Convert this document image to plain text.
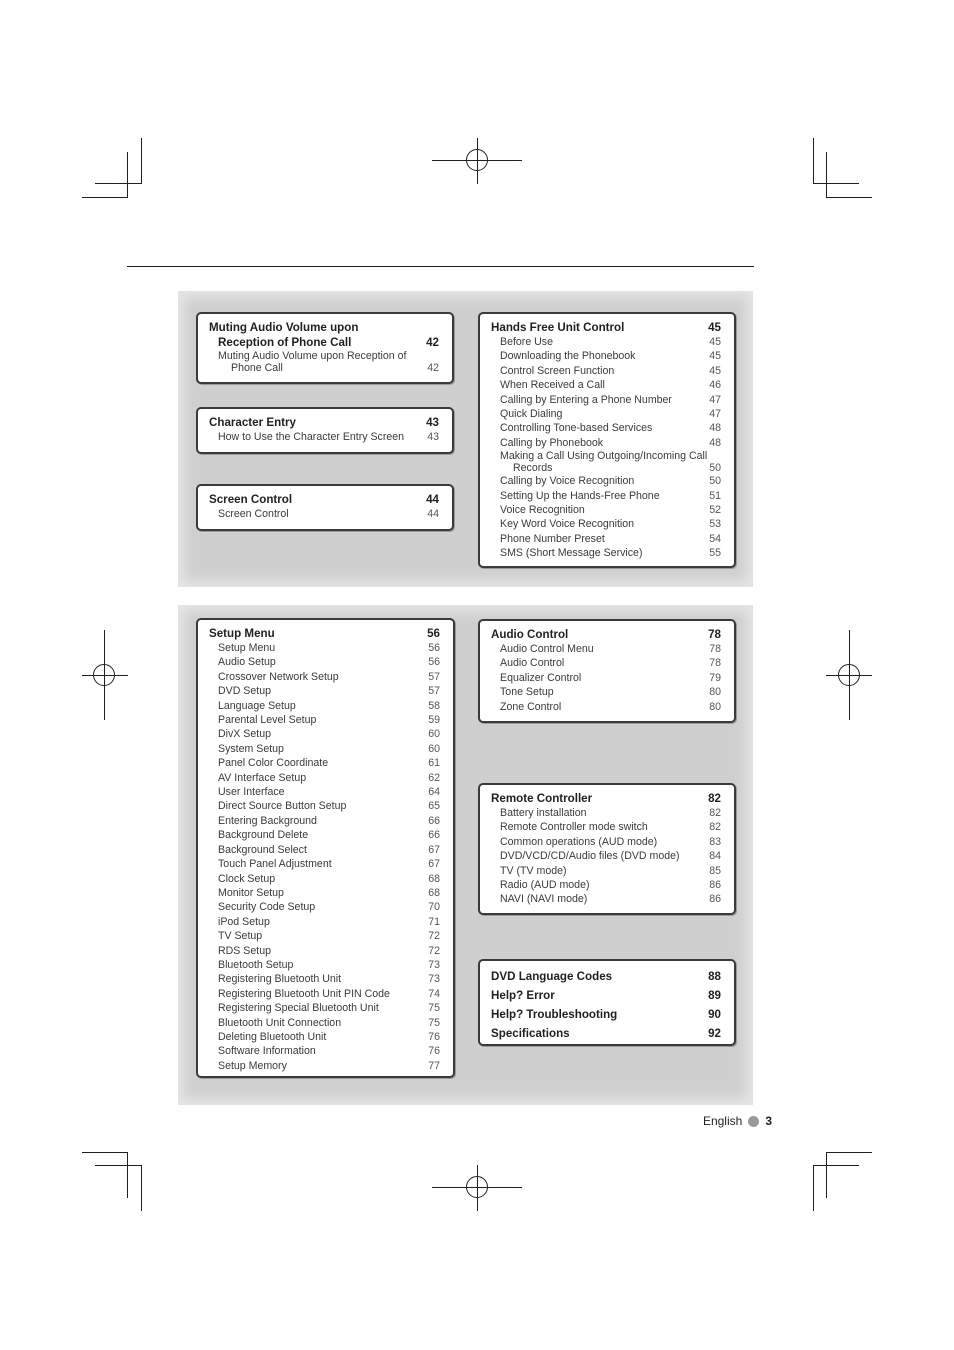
Muting Audio Volume upon
Reception of Phone Call	42
Muting Audio Volume upon Reception of
Phone Call	42
Character Entry	43
How to Use the Character Entry Screen	43
Screen Control	44
Screen Control	44
Hands Free Unit Control	45
Before Use	45
Downloading the Phonebook	45
Control Screen Function	45
When Received a Call	46
Calling by Entering a Phone Number	47
Quick Dialing	47
Controlling Tone-based Services	48
Calling by Phonebook	48
Making a Call Using Outgoing/Incoming Call
Records	50
Calling by Voice Recognition	50
Setting Up the Hands-Free Phone	51
Voice Recognition	52
Key Word Voice Recognition	53
Phone Number Preset	54
SMS (Short Message Service)	55
Setup Menu	56
Setup Menu	56
Audio Setup	56
Crossover Network Setup	57
DVD Setup	57
Language Setup	58
Parental Level Setup	59
DivX Setup	60
System Setup	60
Panel Color Coordinate	61
AV Interface Setup	62
User Interface	64
Direct Source Button Setup	65
Entering Background	66
Background Delete	66
Background Select	67
Touch Panel Adjustment	67
Clock Setup	68
Monitor Setup	68
Security Code Setup	70
iPod Setup	71
TV Setup	72
RDS Setup	72
Bluetooth Setup	73
Registering Bluetooth Unit	73
Registering Bluetooth Unit PIN Code	74
Registering Special Bluetooth Unit	75
Bluetooth Unit Connection	75
Deleting Bluetooth Unit	76
Software Information	76
Setup Memory	77
Audio Control	78
Audio Control Menu	78
Audio Control	78
Equalizer Control	79
Tone Setup	80
Zone Control	80
Remote Controller	82
Battery installation	82
Remote Controller mode switch	82
Common operations (AUD mode)	83
DVD/VCD/CD/Audio files (DVD mode)	84
TV (TV mode)	85
Radio (AUD mode)	86
NAVI (NAVI mode)	86
DVD Language Codes	88
Help? Error	89
Help? Troubleshooting	90
Specifications	92
English 3
